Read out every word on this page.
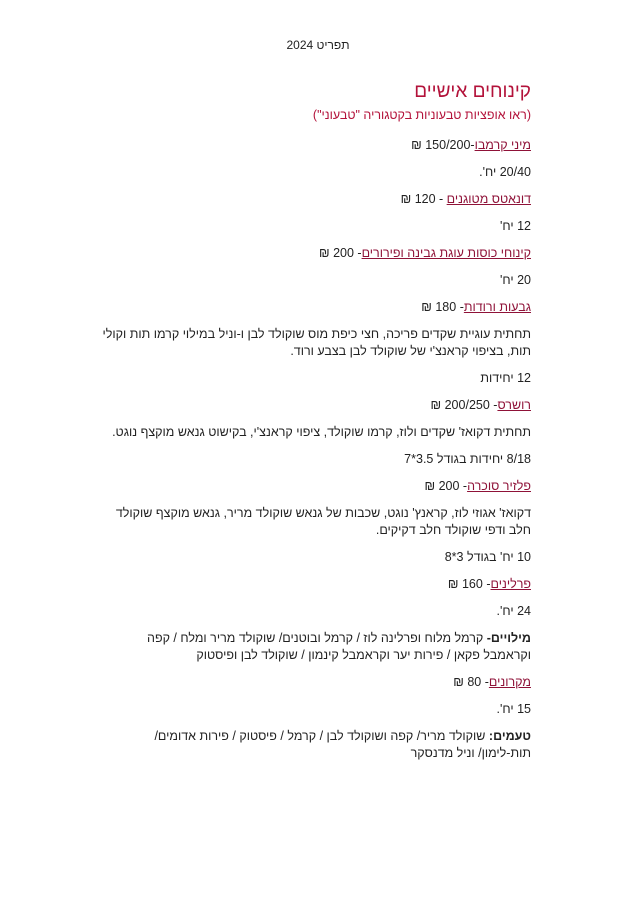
תפריט 2024
קינוחים אישיים
(ראו אופציות טבעוניות בקטגוריה "טבעוני")
מיני קרמבו-150/200 ₪
20/40 יח'.
דונאטס מטוגנים - 120 ₪
12 יח'
קינוחי כוסות עוגת גבינה ופירורים- 200 ₪
20 יח'
גבעות ורודות- 180 ₪
תחתית עוגיית שקדים פריכה, חצי כיפת מוס שוקולד לבן ו-וניל במילוי קרמו תות וקולי תות, בציפוי קראנצ'י של שוקולד לבן בצבע ורוד.
12 יחידות
רושרס- 200/250 ₪
תחתית דקואז' שקדים ולוז, קרמו שוקולד, ציפוי קראנצ'י, בקישוט גנאש מוקצף נוגט.
8/18 יחידות בגודל 3.5*7
פלזיר סוכרה- 200 ₪
דקואז' אגוזי לוז, קראנץ' נוגט, שכבות של גנאש שוקולד מריר, גנאש מוקצף שוקולד חלב ודפי שוקולד חלב דקיקים.
10 יח' בגודל 3*8
פרלינים- 160 ₪
24 יח'.
מילויים- קרמל מלוח ופרלינה לוז / קרמל ובוטנים/ שוקולד מריר ומלח / קפה וקראמבל פקאן / פירות יער וקראמבל קינמון / שוקולד לבן ופיסטוק
מקרונים- 80 ₪
15 יח'.
טעמים: שוקולד מריר/ קפה ושוקולד לבן / קרמל / פיסטוק / פירות אדומים/ תות-לימון/ וניל מדנסקר
